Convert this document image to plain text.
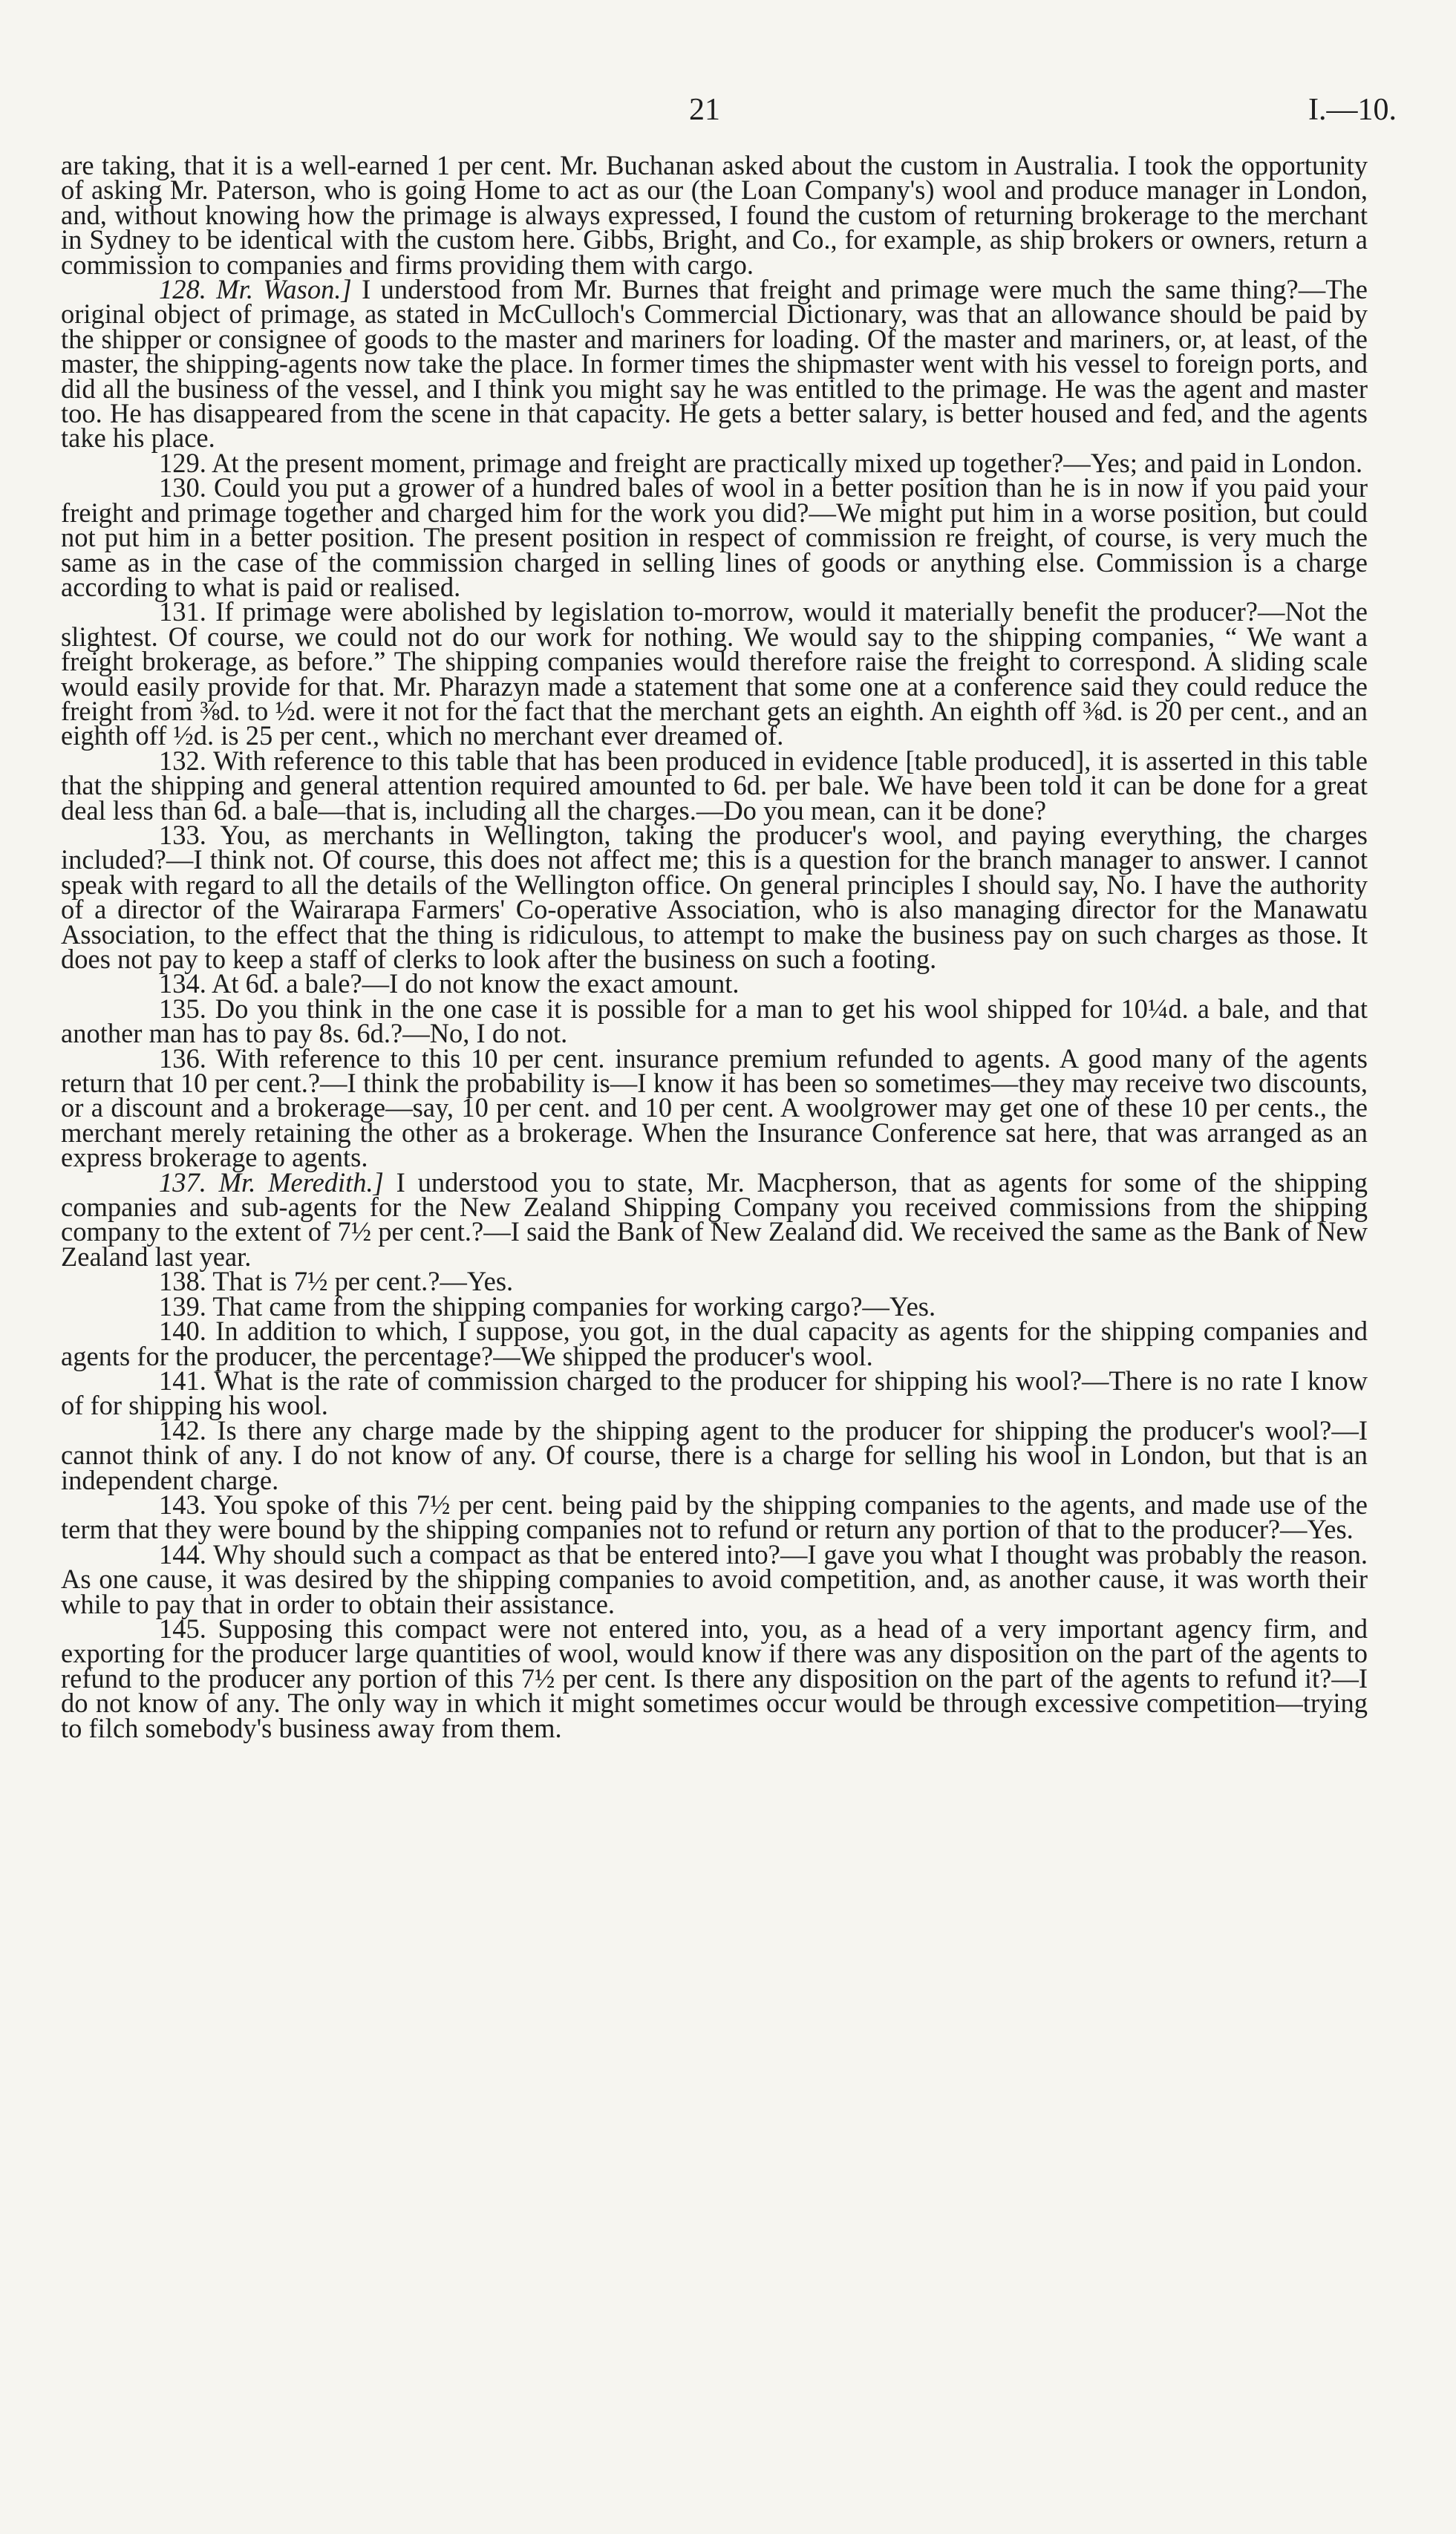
21	I.—10.

are taking, that it is a well-earned 1 per cent. Mr. Buchanan asked about the custom in Australia. I took the opportunity of asking Mr. Paterson, who is going Home to act as our (the Loan Company's) wool and produce manager in London, and, without knowing how the primage is always expressed, I found the custom of returning brokerage to the merchant in Sydney to be identical with the custom here. Gibbs, Bright, and Co., for example, as ship brokers or owners, return a commission to companies and firms providing them with cargo.

128. Mr. Wason.] I understood from Mr. Burnes that freight and primage were much the same thing?—The original object of primage, as stated in McCulloch's Commercial Dictionary, was that an allowance should be paid by the shipper or consignee of goods to the master and mariners for loading. Of the master and mariners, or, at least, of the master, the shipping-agents now take the place. In former times the shipmaster went with his vessel to foreign ports, and did all the business of the vessel, and I think you might say he was entitled to the primage. He was the agent and master too. He has disappeared from the scene in that capacity. He gets a better salary, is better housed and fed, and the agents take his place.

129. At the present moment, primage and freight are practically mixed up together?—Yes; and paid in London.

130. Could you put a grower of a hundred bales of wool in a better position than he is in now if you paid your freight and primage together and charged him for the work you did?—We might put him in a worse position, but could not put him in a better position. The present position in respect of commission re freight, of course, is very much the same as in the case of the commission charged in selling lines of goods or anything else. Commission is a charge according to what is paid or realised.

131. If primage were abolished by legislation to-morrow, would it materially benefit the producer?—Not the slightest. Of course, we could not do our work for nothing. We would say to the shipping companies, “ We want a freight brokerage, as before.” The shipping companies would therefore raise the freight to correspond. A sliding scale would easily provide for that. Mr. Pharazyn made a statement that some one at a conference said they could reduce the freight from ⅜d. to ½d. were it not for the fact that the merchant gets an eighth. An eighth off ⅜d. is 20 per cent., and an eighth off ½d. is 25 per cent., which no merchant ever dreamed of.

132. With reference to this table that has been produced in evidence [table produced], it is asserted in this table that the shipping and general attention required amounted to 6d. per bale. We have been told it can be done for a great deal less than 6d. a bale—that is, including all the charges.—Do you mean, can it be done?

133. You, as merchants in Wellington, taking the producer's wool, and paying everything, the charges included?—I think not. Of course, this does not affect me; this is a question for the branch manager to answer. I cannot speak with regard to all the details of the Wellington office. On general principles I should say, No. I have the authority of a director of the Wairarapa Farmers' Co-operative Association, who is also managing director for the Manawatu Association, to the effect that the thing is ridiculous, to attempt to make the business pay on such charges as those. It does not pay to keep a staff of clerks to look after the business on such a footing.

134. At 6d. a bale?—I do not know the exact amount.

135. Do you think in the one case it is possible for a man to get his wool shipped for 10¼d. a bale, and that another man has to pay 8s. 6d.?—No, I do not.

136. With reference to this 10 per cent. insurance premium refunded to agents. A good many of the agents return that 10 per cent.?—I think the probability is—I know it has been so sometimes—they may receive two discounts, or a discount and a brokerage—say, 10 per cent. and 10 per cent. A woolgrower may get one of these 10 per cents., the merchant merely retaining the other as a brokerage. When the Insurance Conference sat here, that was arranged as an express brokerage to agents.

137. Mr. Meredith.] I understood you to state, Mr. Macpherson, that as agents for some of the shipping companies and sub-agents for the New Zealand Shipping Company you received commissions from the shipping company to the extent of 7½ per cent.?—I said the Bank of New Zealand did. We received the same as the Bank of New Zealand last year.

138. That is 7½ per cent.?—Yes.

139. That came from the shipping companies for working cargo?—Yes.

140. In addition to which, I suppose, you got, in the dual capacity as agents for the shipping companies and agents for the producer, the percentage?—We shipped the producer's wool.

141. What is the rate of commission charged to the producer for shipping his wool?—There is no rate I know of for shipping his wool.

142. Is there any charge made by the shipping agent to the producer for shipping the producer's wool?—I cannot think of any. I do not know of any. Of course, there is a charge for selling his wool in London, but that is an independent charge.

143. You spoke of this 7½ per cent. being paid by the shipping companies to the agents, and made use of the term that they were bound by the shipping companies not to refund or return any portion of that to the producer?—Yes.

144. Why should such a compact as that be entered into?—I gave you what I thought was probably the reason. As one cause, it was desired by the shipping companies to avoid competition, and, as another cause, it was worth their while to pay that in order to obtain their assistance.

145. Supposing this compact were not entered into, you, as a head of a very important agency firm, and exporting for the producer large quantities of wool, would know if there was any disposition on the part of the agents to refund to the producer any portion of this 7½ per cent. Is there any disposition on the part of the agents to refund it?—I do not know of any. The only way in which it might sometimes occur would be through excessive competition—trying to filch somebody's business away from them.
